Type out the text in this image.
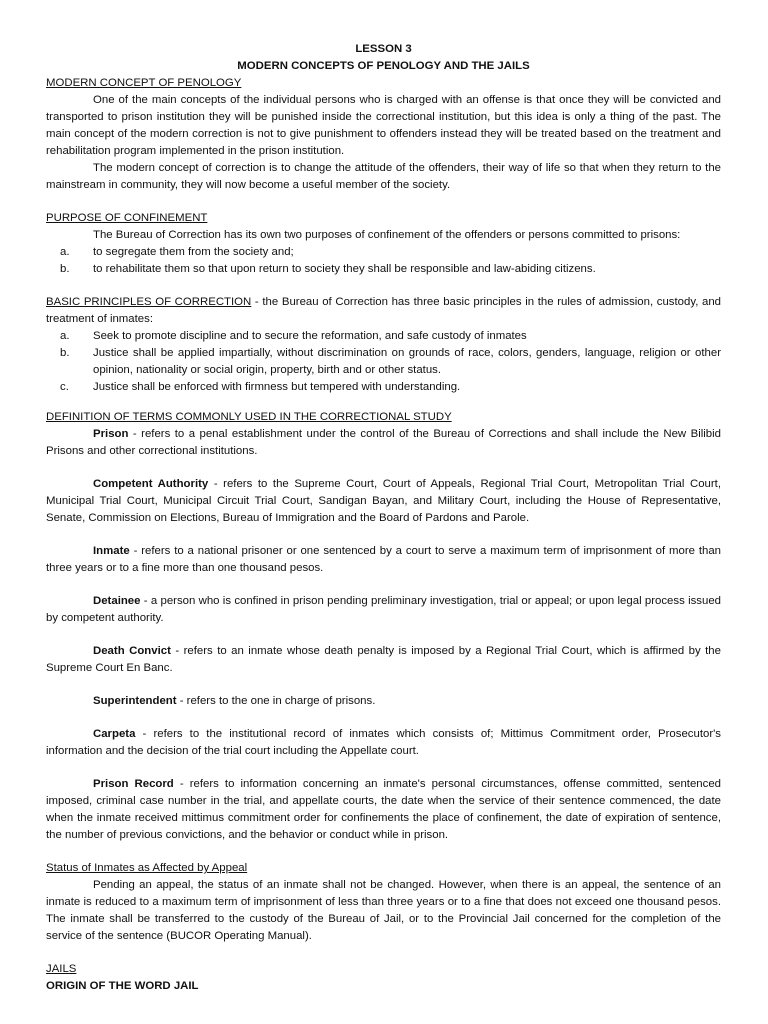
LESSON 3

MODERN CONCEPTS OF PENOLOGY AND THE JAILS

MODERN CONCEPT OF PENOLOGY

One of the main concepts of the individual persons who is charged with an offense is that once they will be convicted and transported to prison institution they will be punished inside the correctional institution, but this idea is only a thing of the past. The main concept of the modern correction is not to give punishment to offenders instead they will be treated based on the treatment and rehabilitation program implemented in the prison institution.

The modern concept of correction is to change the attitude of the offenders, their way of life so that when they return to the mainstream in community, they will now become a useful member of the society.

PURPOSE OF CONFINEMENT

The Bureau of Correction has its own two purposes of confinement of the offenders or persons committed to prisons:

a. to segregate them from the society and;
b. to rehabilitate them so that upon return to society they shall be responsible and law-abiding citizens.

BASIC PRINCIPLES OF CORRECTION - the Bureau of Correction has three basic principles in the rules of admission, custody, and treatment of inmates:

a. Seek to promote discipline and to secure the reformation, and safe custody of inmates
b. Justice shall be applied impartially, without discrimination on grounds of race, colors, genders, language, religion or other opinion, nationality or social origin, property, birth and or other status.
c. Justice shall be enforced with firmness but tempered with understanding.

DEFINITION OF TERMS COMMONLY USED IN THE CORRECTIONAL STUDY

Prison - refers to a penal establishment under the control of the Bureau of Corrections and shall include the New Bilibid Prisons and other correctional institutions.

Competent Authority - refers to the Supreme Court, Court of Appeals, Regional Trial Court, Metropolitan Trial Court, Municipal Trial Court, Municipal Circuit Trial Court, Sandigan Bayan, and Military Court, including the House of Representative, Senate, Commission on Elections, Bureau of Immigration and the Board of Pardons and Parole.

Inmate - refers to a national prisoner or one sentenced by a court to serve a maximum term of imprisonment of more than three years or to a fine more than one thousand pesos.

Detainee - a person who is confined in prison pending preliminary investigation, trial or appeal; or upon legal process issued by competent authority.

Death Convict - refers to an inmate whose death penalty is imposed by a Regional Trial Court, which is affirmed by the Supreme Court En Banc.

Superintendent - refers to the one in charge of prisons.

Carpeta - refers to the institutional record of inmates which consists of; Mittimus Commitment order, Prosecutor's information and the decision of the trial court including the Appellate court.

Prison Record - refers to information concerning an inmate's personal circumstances, offense committed, sentenced imposed, criminal case number in the trial, and appellate courts, the date when the service of their sentence commenced, the date when the inmate received mittimus commitment order for confinements the place of confinement, the date of expiration of sentence, the number of previous convictions, and the behavior or conduct while in prison.

Status of Inmates as Affected by Appeal

Pending an appeal, the status of an inmate shall not be changed. However, when there is an appeal, the sentence of an inmate is reduced to a maximum term of imprisonment of less than three years or to a fine that does not exceed one thousand pesos. The inmate shall be transferred to the custody of the Bureau of Jail, or to the Provincial Jail concerned for the completion of the service of the sentence (BUCOR Operating Manual).

JAILS

ORIGIN OF THE WORD JAIL
